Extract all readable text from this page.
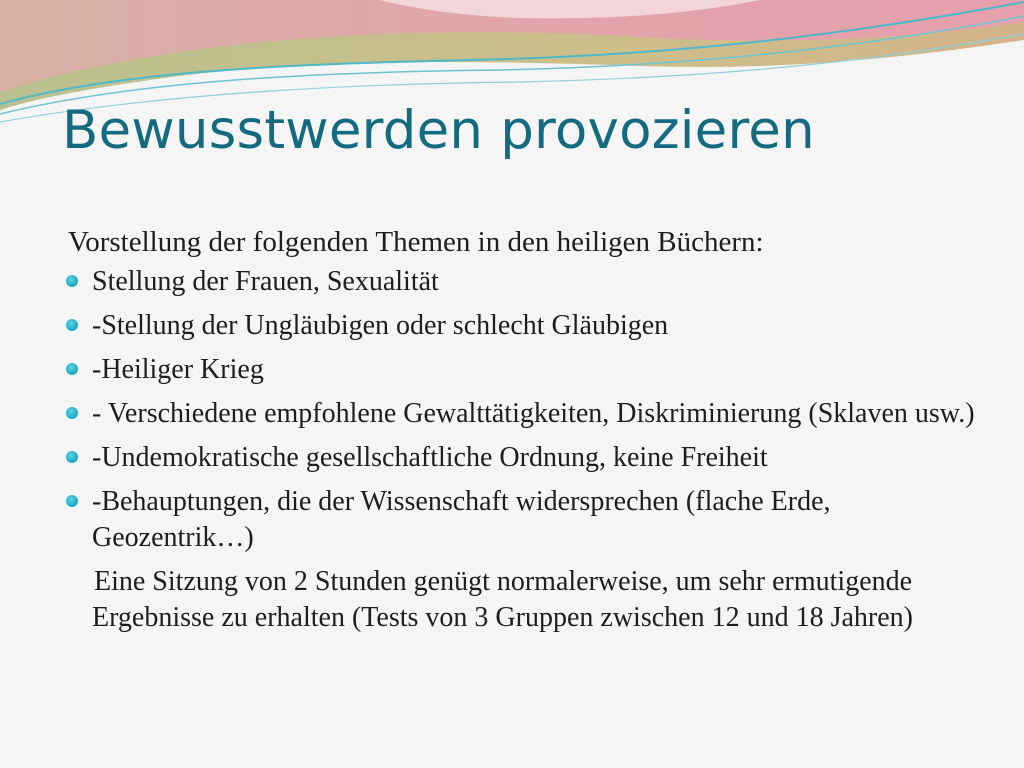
Bewusstwerden provozieren

Vorstellung der folgenden Themen in den heiligen Büchern:

Stellung der Frauen, Sexualität
-Stellung der Ungläubigen oder schlecht Gläubigen
-Heiliger Krieg
- Verschiedene empfohlene Gewalttätigkeiten, Diskriminierung (Sklaven usw.)
-Undemokratische gesellschaftliche Ordnung, keine Freiheit
-Behauptungen, die der Wissenschaft widersprechen (flache Erde, Geozentrik…)

Eine Sitzung von 2 Stunden genügt normalerweise, um sehr ermutigende Ergebnisse zu erhalten (Tests von 3 Gruppen zwischen 12 und 18 Jahren)
